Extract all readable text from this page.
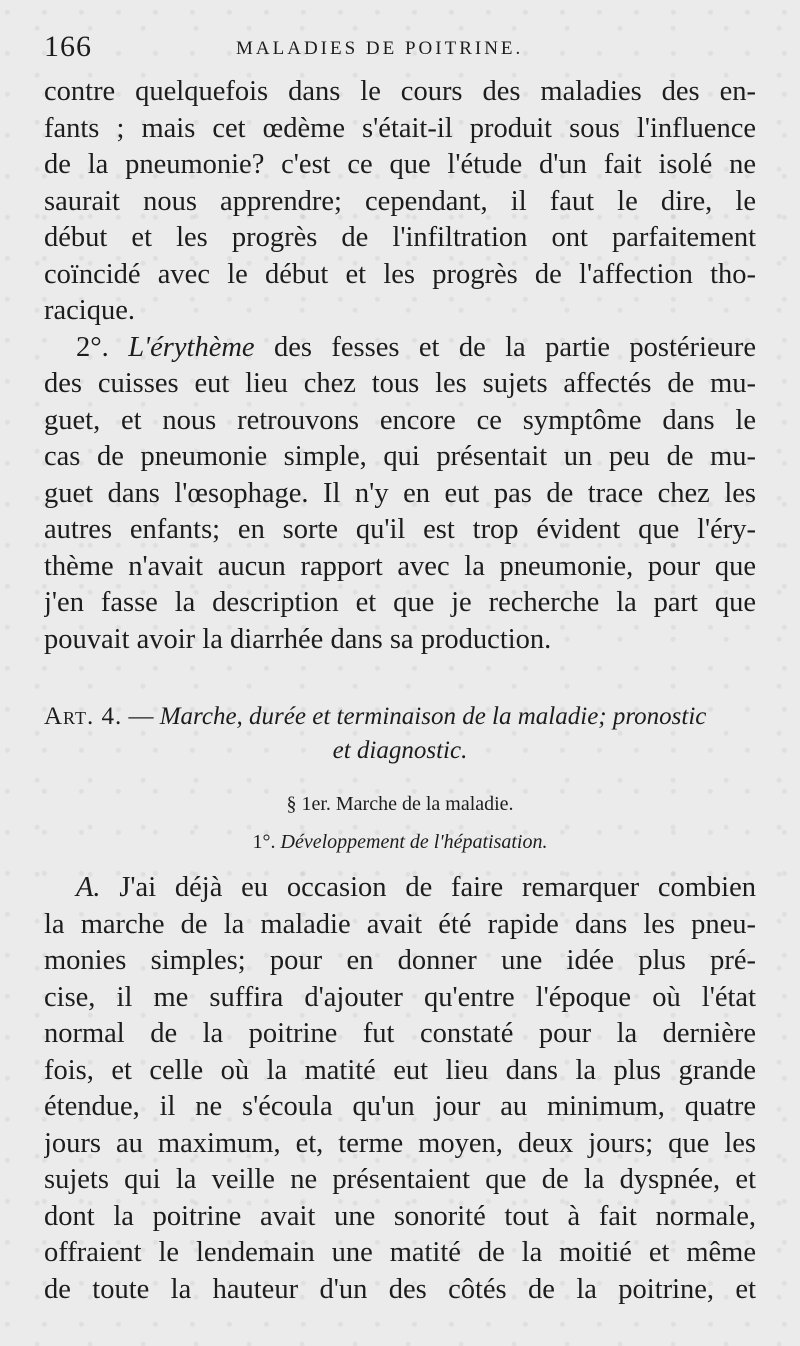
166	MALADIES DE POITRINE.
contre quelquefois dans le cours des maladies des en-
fants ; mais cet œdème s'était-il produit sous l'influence
de la pneumonie? c'est ce que l'étude d'un fait isolé ne
saurait nous apprendre; cependant, il faut le dire, le
début et les progrès de l'infiltration ont parfaitement
coïncidé avec le début et les progrès de l'affection tho-
racique.
2°. L'érythème des fesses et de la partie postérieure
des cuisses eut lieu chez tous les sujets affectés de mu-
guet, et nous retrouvons encore ce symptôme dans le
cas de pneumonie simple, qui présentait un peu de mu-
guet dans l'œsophage. Il n'y en eut pas de trace chez les
autres enfants; en sorte qu'il est trop évident que l'éry-
thème n'avait aucun rapport avec la pneumonie, pour que
j'en fasse la description et que je recherche la part que
pouvait avoir la diarrhée dans sa production.
Art. 4. — Marche, durée et terminaison de la maladie; pronostic
et diagnostic.
§ 1er. Marche de la maladie.
1°. Développement de l'hépatisation.
A. J'ai déjà eu occasion de faire remarquer combien
la marche de la maladie avait été rapide dans les pneu-
monies simples; pour en donner une idée plus pré-
cise, il me suffira d'ajouter qu'entre l'époque où l'état
normal de la poitrine fut constaté pour la dernière
fois, et celle où la matité eut lieu dans la plus grande
étendue, il ne s'écoula qu'un jour au minimum, quatre
jours au maximum, et, terme moyen, deux jours; que les
sujets qui la veille ne présentaient que de la dyspnée, et
dont la poitrine avait une sonorité tout à fait normale,
offraient le lendemain une matité de la moitié et même
de toute la hauteur d'un des côtés de la poitrine, et
